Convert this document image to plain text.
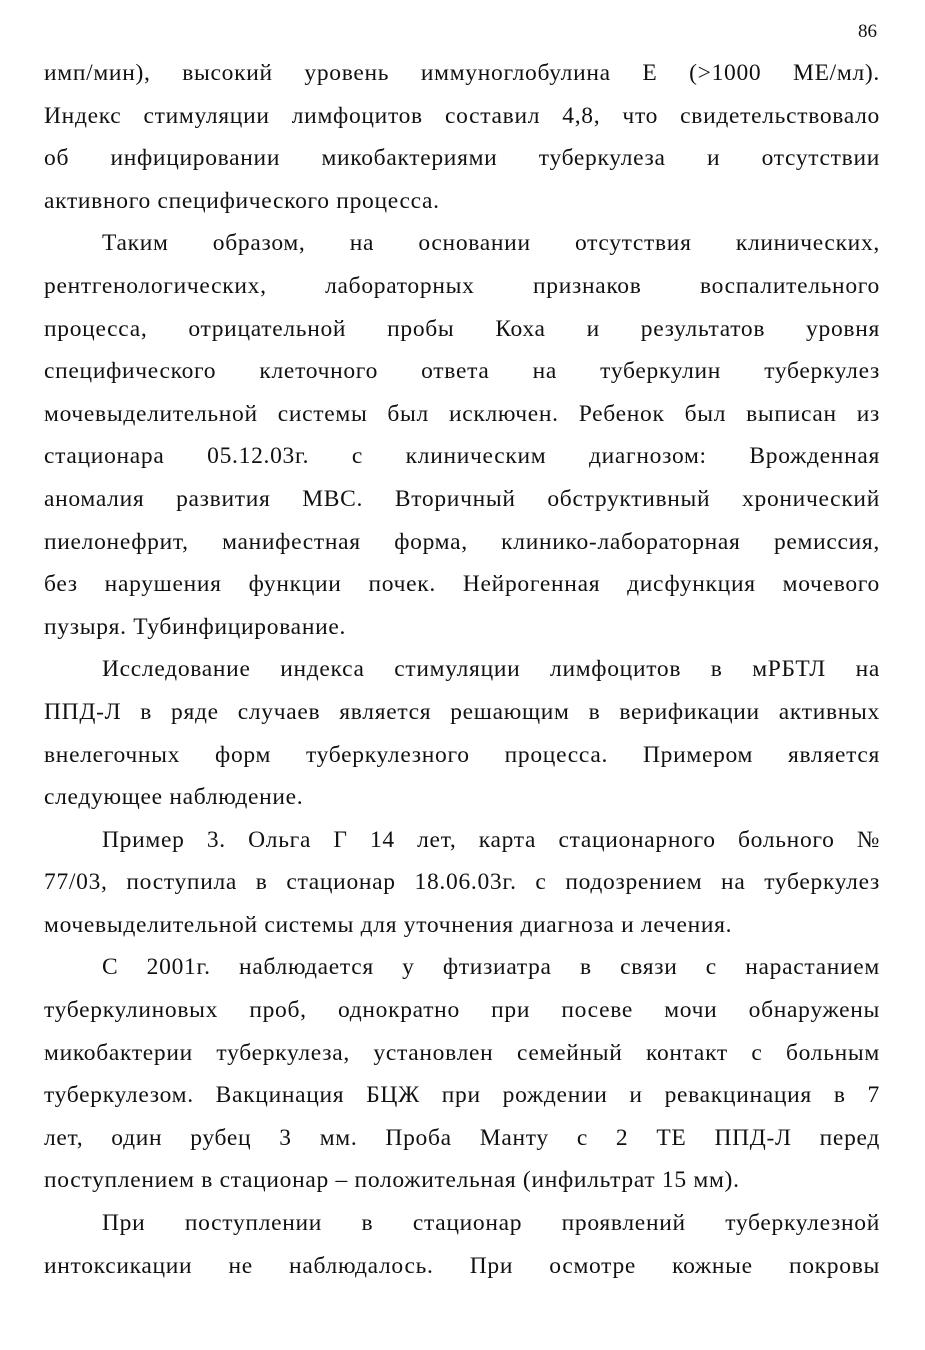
86
имп/мин), высокий уровень иммуноглобулина Е (>1000 МЕ/мл).
Индекс стимуляции лимфоцитов составил 4,8, что свидетельствовало
об инфицировании микобактериями туберкулеза и отсутствии
активного специфического процесса.
Таким образом, на основании отсутствия клинических,
рентгенологических, лабораторных признаков воспалительного
процесса, отрицательной пробы Коха и результатов уровня
специфического клеточного ответа на туберкулин туберкулез
мочевыделительной системы был исключен. Ребенок был выписан из
стационара 05.12.03г. с клиническим диагнозом: Врожденная
аномалия развития МВС. Вторичный обструктивный хронический
пиелонефрит, манифестная форма, клинико-лабораторная ремиссия,
без нарушения функции почек. Нейрогенная дисфункция мочевого
пузыря. Тубинфицирование.
Исследование индекса стимуляции лимфоцитов в мРБТЛ на
ППД-Л в ряде случаев является решающим в верификации активных
внелегочных форм туберкулезного процесса. Примером является
следующее наблюдение.
Пример 3. Ольга Г 14 лет, карта стационарного больного №
77/03, поступила в стационар 18.06.03г. с подозрением на туберкулез
мочевыделительной системы для уточнения диагноза и лечения.
С 2001г. наблюдается у фтизиатра в связи с нарастанием
туберкулиновых проб, однократно при посеве мочи обнаружены
микобактерии туберкулеза, установлен семейный контакт с больным
туберкулезом. Вакцинация БЦЖ при рождении и ревакцинация в 7
лет, один рубец 3 мм. Проба Манту с 2 ТЕ ППД-Л перед
поступлением в стационар – положительная (инфильтрат 15 мм).
При поступлении в стационар проявлений туберкулезной
интоксикации не наблюдалось. При осмотре кожные покровы
